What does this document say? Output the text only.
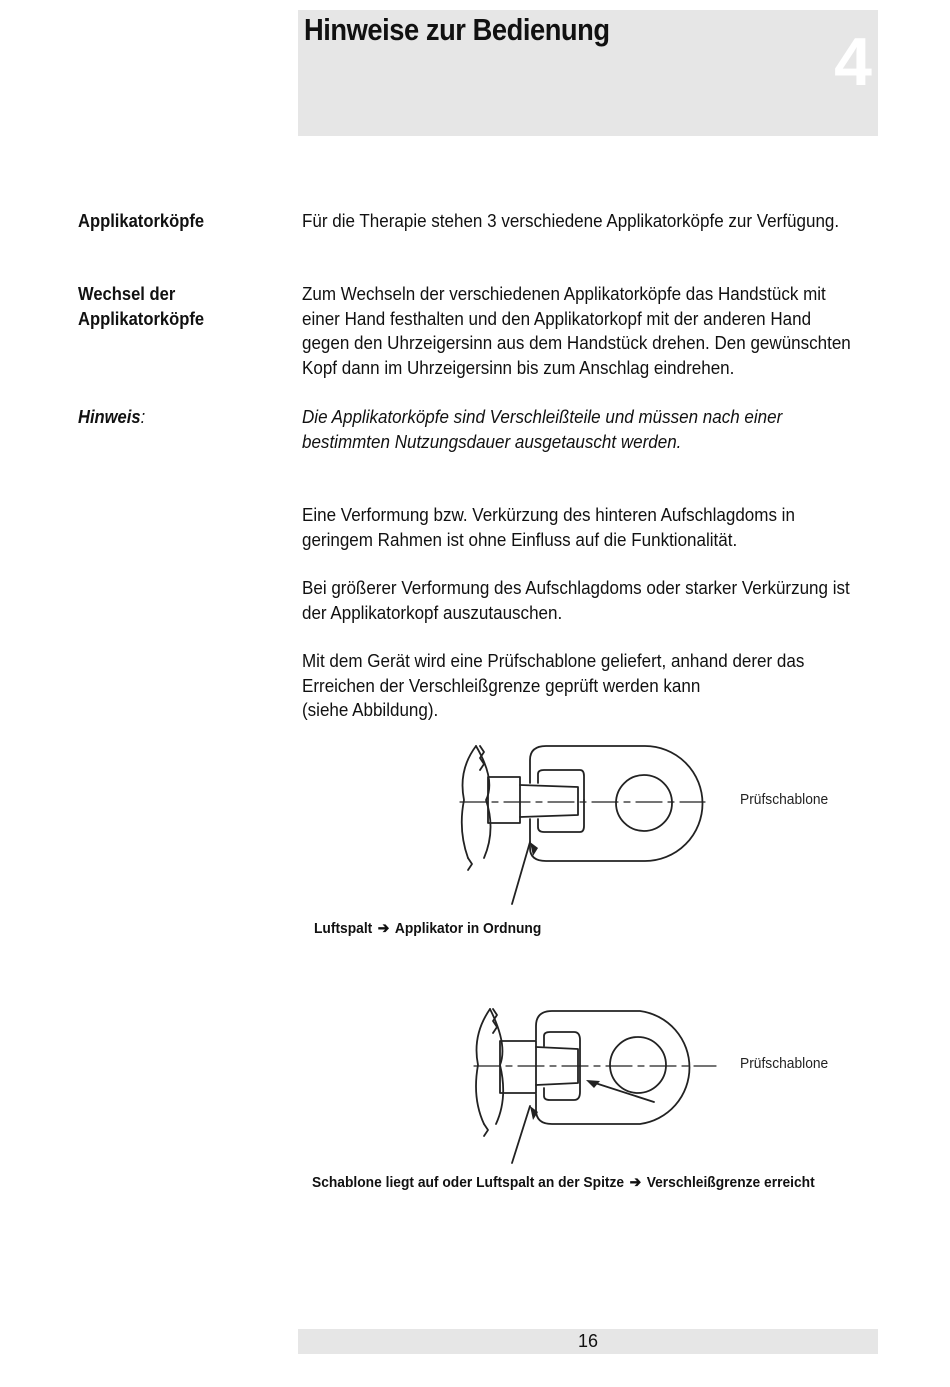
Hinweise zur Bedienung	4
Applikatorköpfe	Für die Therapie stehen 3 verschiedene Applikatorköpfe zur Verfügung.
Wechsel der
Applikatorköpfe
Zum Wechseln der verschiedenen Applikatorköpfe das Handstück mit
einer Hand festhalten und den Applikatorkopf mit der anderen Hand
gegen den Uhrzeigersinn aus dem Handstück drehen. Den gewünschten
Kopf dann im Uhrzeigersinn bis zum Anschlag eindrehen.
Hinweis:	Die Applikatorköpfe sind Verschleißteile und müssen nach einer
bestimmten Nutzungsdauer ausgetauscht werden.
Eine Verformung bzw. Verkürzung des hinteren Aufschlagdoms in
geringem Rahmen ist ohne Einfluss auf die Funktionalität.
Bei größerer Verformung des Aufschlagdoms oder starker Verkürzung ist
der Applikatorkopf auszutauschen.
Mit dem Gerät wird eine Prüfschablone geliefert, anhand derer das
Erreichen der Verschleißgrenze geprüft werden kann
(siehe Abbildung).
Prüfschablone
Luftspalt ➔ Applikator in Ordnung
Prüfschablone
Schablone liegt auf oder Luftspalt an der Spitze ➔ Verschleißgrenze erreicht
16
